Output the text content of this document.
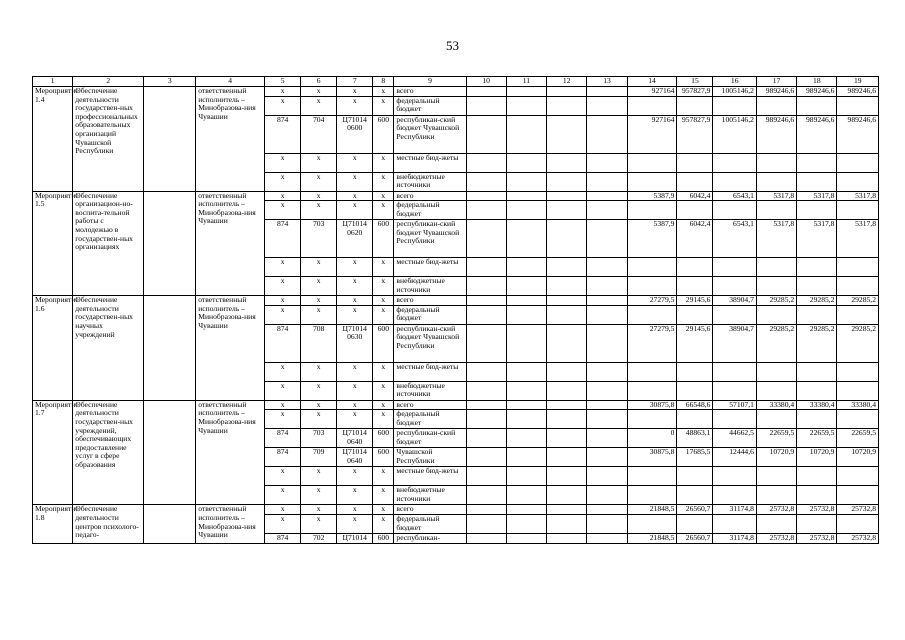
53
1	2	3	4	5	6	7	8	9	10	11	12	13	14	15	16	17	18	19
Мероприятие 1.4	Обеспечение деятельности государствен-ных профессиональных образовательных организаций Чувашской Республики		ответственный исполнитель – Минобразова-ния Чувашии	х	х	х	х	всего					927164	957827,9	1005146,2	989246,6	989246,6	989246,6
				х	х	х	х	федеральный бюджет										
				874	704	Ц71014 0600	600	республикан-ский бюджет Чувашской Республики					927164	957827,9	1005146,2	989246,6	989246,6	989246,6
				х	х	х	х	местные бюд-жеты										
				х	х	х	х	внебюджетные источники										
Мероприятие 1.5	Обеспечение организацион-но-воспита-тельной работы с молодежью в государствен-ных организациях		ответственный исполнитель – Минобразова-ния Чувашии	х	х	х	х	всего					5387,9	6042,4	6543,1	5317,8	5317,8	5317,8
				х	х	х	х	федеральный бюджет										
				874	703	Ц71014 0620	600	республикан-ский бюджет Чувашской Республики					5387,9	6042,4	6543,1	5317,8	5317,8	5317,8
				х	х	х	х	местные бюд-жеты										
				х	х	х	х	внебюджетные источники										
Мероприятие 1.6	Обеспечение деятельности государствен-ных научных учреждений		ответственный исполнитель – Минобразова-ния Чувашии	х	х	х	х	всего					27279,5	29145,6	38904,7	29285,2	29285,2	29285,2
				х	х	х	х	федеральный бюджет										
				874	708	Ц71014 0630	600	республикан-ский бюджет Чувашской Республики					27279,5	29145,6	38904,7	29285,2	29285,2	29285,2
				х	х	х	х	местные бюд-жеты										
				х	х	х	х	внебюджетные источники										
Мероприятие 1.7	Обеспечение деятельности государствен-ных учреждений, обеспечивающих предоставление услуг в сфере образования		ответственный исполнитель – Минобразова-ния Чувашии	х	х	х	х	всего					30875,8	66548,6	57107,1	33380,4	33380,4	33380,4
				х	х	х	х	федеральный бюджет										
				874	703	Ц71014 0640	600	республикан-ский бюджет					0	48863,1	44662,5	22659,5	22659,5	22659,5
				874	709	Ц71014 0640	600	Чувашской Республики					30875,8	17685,5	12444,6	10720,9	10720,9	10720,9
				х	х	х	х	местные бюд-жеты										
				х	х	х	х	внебюджетные источники										
Мероприятие 1.8	Обеспечение деятельности центров психолого-педаго-		ответственный исполнитель – Минобразова-ния Чувашии	х	х	х	х	всего					21848,5	26560,7	31174,8	25732,8	25732,8	25732,8
				х	х	х	х	федеральный бюджет										
				874	702	Ц71014	600	республикан-					21848,5	26560,7	31174,8	25732,8	25732,8	25732,8
